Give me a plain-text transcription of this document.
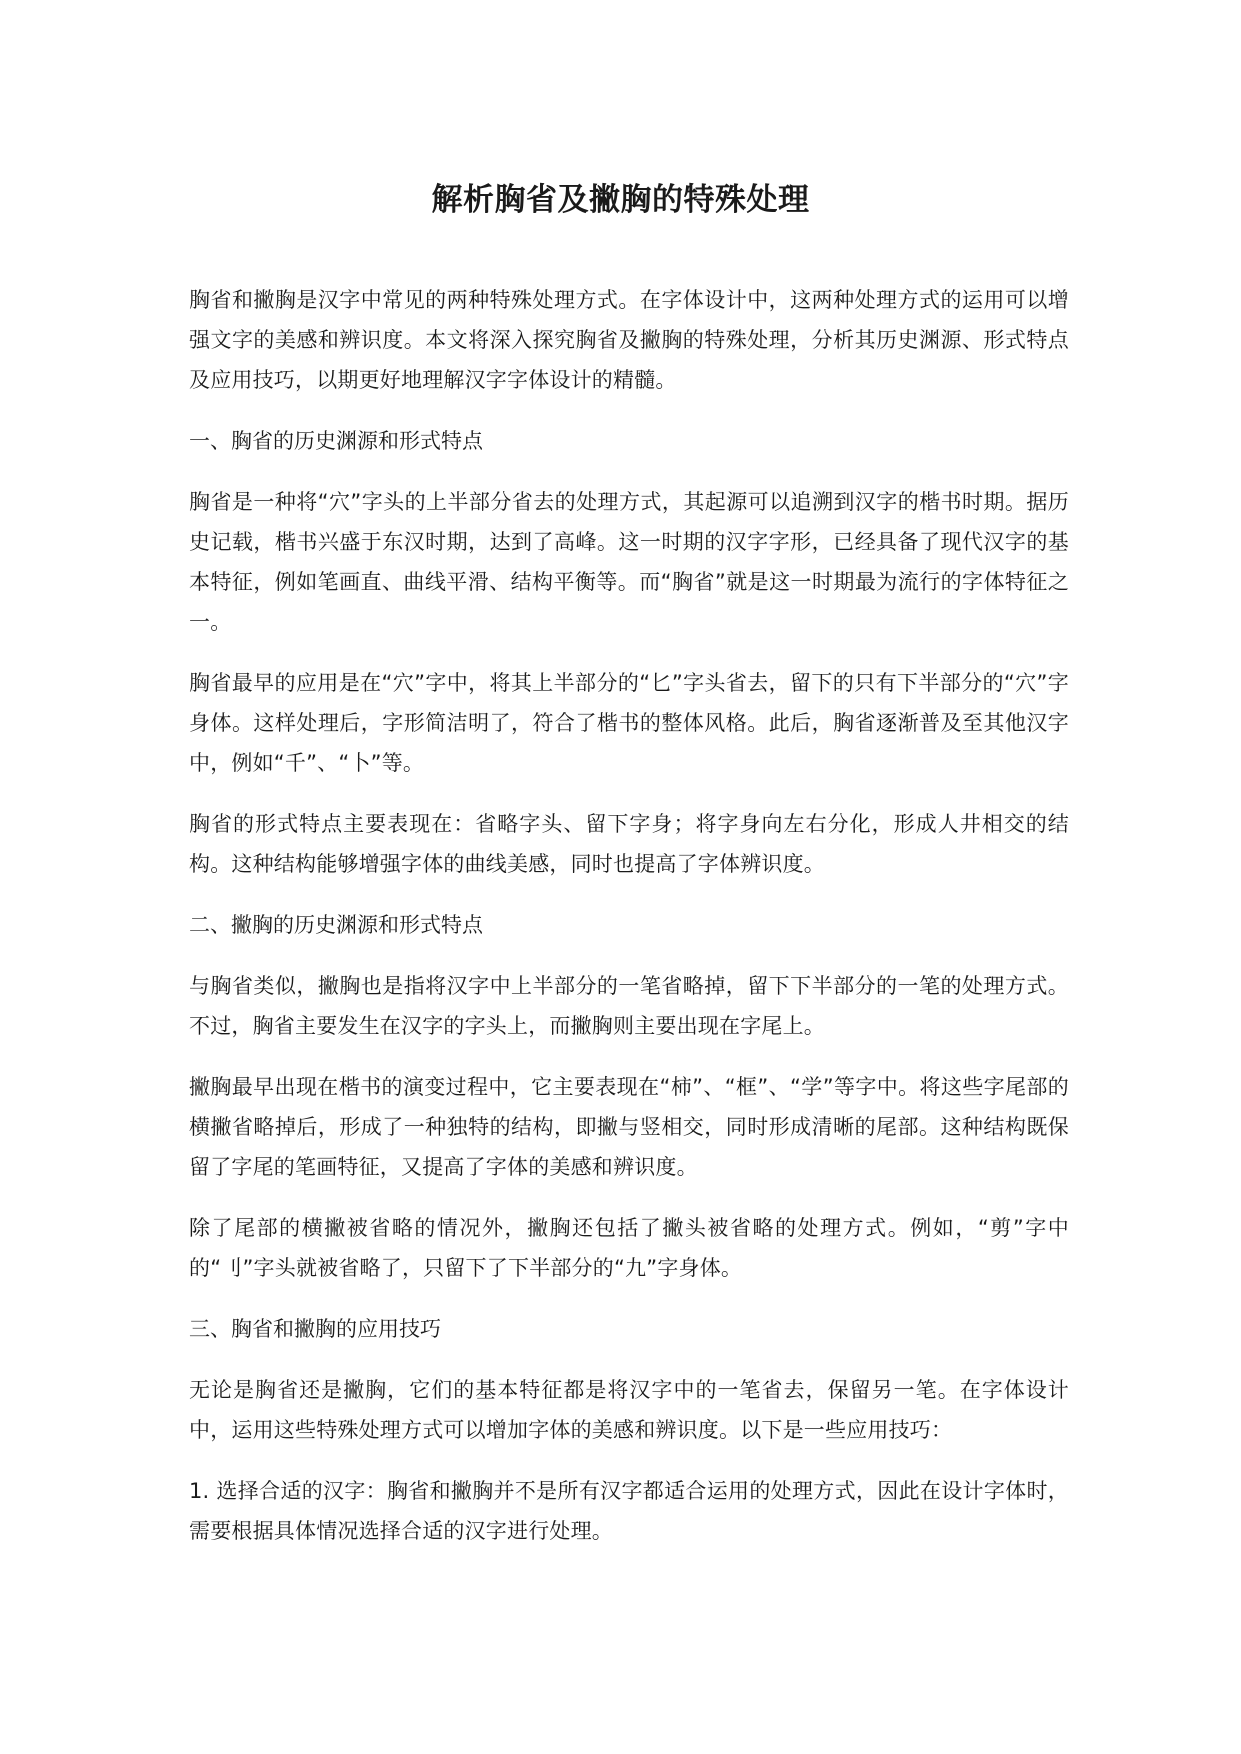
解析胸省及撇胸的特殊处理

胸省和撇胸是汉字中常见的两种特殊处理方式。在字体设计中，这两种处理方式的运用可以增强文字的美感和辨识度。本文将深入探究胸省及撇胸的特殊处理，分析其历史渊源、形式特点及应用技巧，以期更好地理解汉字字体设计的精髓。

一、胸省的历史渊源和形式特点

胸省是一种将“穴”字头的上半部分省去的处理方式，其起源可以追溯到汉字的楷书时期。据历史记载，楷书兴盛于东汉时期，达到了高峰。这一时期的汉字字形，已经具备了现代汉字的基本特征，例如笔画直、曲线平滑、结构平衡等。而“胸省”就是这一时期最为流行的字体特征之一。

胸省最早的应用是在“穴”字中，将其上半部分的“匕”字头省去，留下的只有下半部分的“穴”字身体。这样处理后，字形简洁明了，符合了楷书的整体风格。此后，胸省逐渐普及至其他汉字中，例如“千”、“卜”等。

胸省的形式特点主要表现在：省略字头、留下字身；将字身向左右分化，形成人井相交的结构。这种结构能够增强字体的曲线美感，同时也提高了字体辨识度。

二、撇胸的历史渊源和形式特点

与胸省类似，撇胸也是指将汉字中上半部分的一笔省略掉，留下下半部分的一笔的处理方式。不过，胸省主要发生在汉字的字头上，而撇胸则主要出现在字尾上。

撇胸最早出现在楷书的演变过程中，它主要表现在“柿”、“框”、“学”等字中。将这些字尾部的横撇省略掉后，形成了一种独特的结构，即撇与竖相交，同时形成清晰的尾部。这种结构既保留了字尾的笔画特征，又提高了字体的美感和辨识度。

除了尾部的横撇被省略的情况外，撇胸还包括了撇头被省略的处理方式。例如，“剪”字中的“刂”字头就被省略了，只留下了下半部分的“九”字身体。

三、胸省和撇胸的应用技巧

无论是胸省还是撇胸，它们的基本特征都是将汉字中的一笔省去，保留另一笔。在字体设计中，运用这些特殊处理方式可以增加字体的美感和辨识度。以下是一些应用技巧：

1. 选择合适的汉字：胸省和撇胸并不是所有汉字都适合运用的处理方式，因此在设计字体时，需要根据具体情况选择合适的汉字进行处理。
